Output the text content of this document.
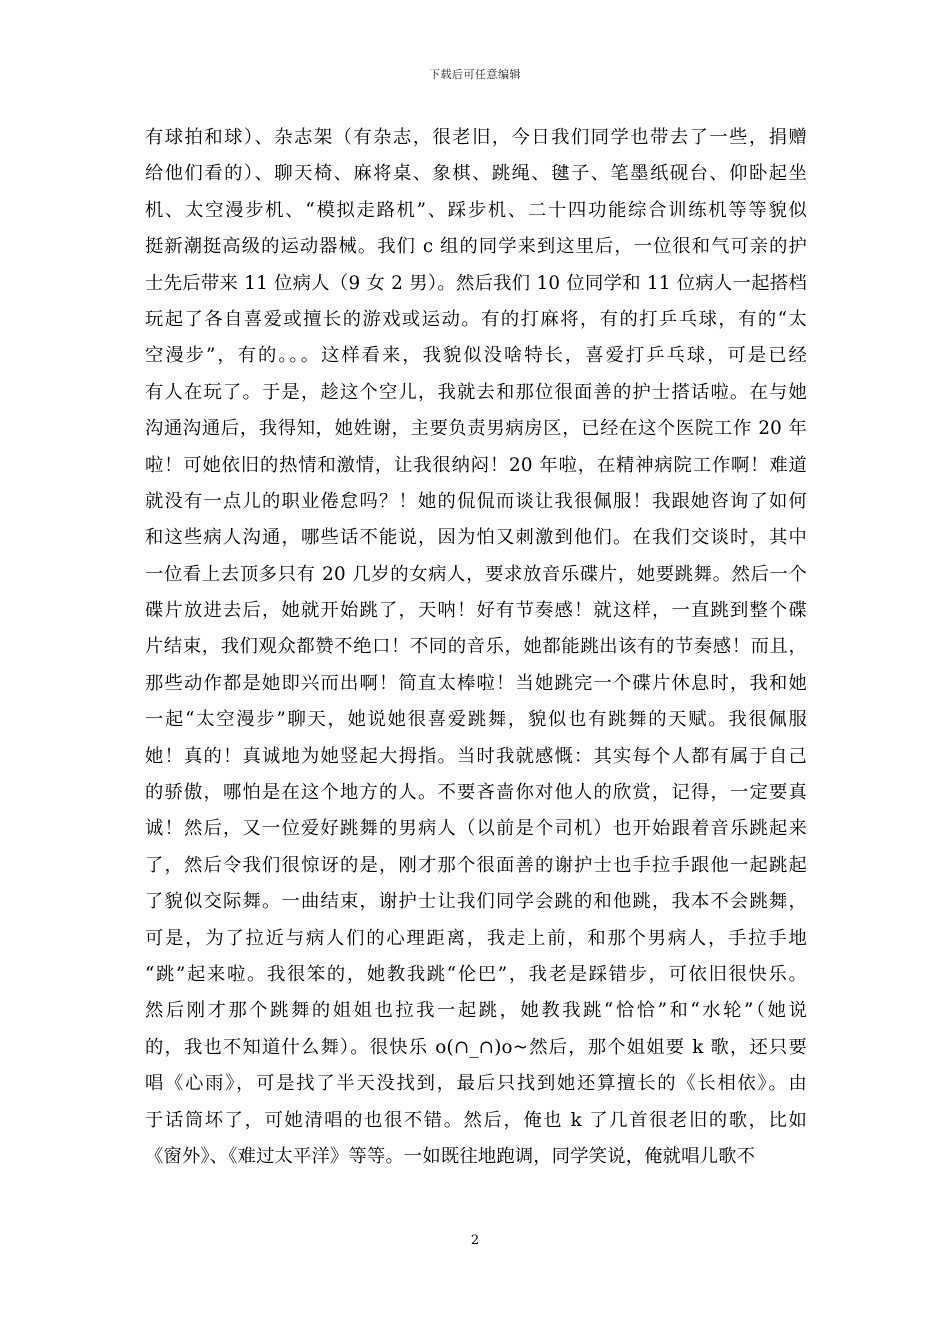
下载后可任意编辑
有球拍和球）、杂志架（有杂志，很老旧，今日我们同学也带去了一些，捐赠
给他们看的）、聊天椅、麻将桌、象棋、跳绳、毽子、笔墨纸砚台、仰卧起坐
机、太空漫步机、“模拟走路机”、踩步机、二十四功能综合训练机等等貌似
挺新潮挺高级的运动器械。我们 c 组的同学来到这里后，一位很和气可亲的护
士先后带来 11 位病人（9 女 2 男）。然后我们 10 位同学和 11 位病人一起搭档
玩起了各自喜爱或擅长的游戏或运动。有的打麻将，有的打乒乓球，有的“太
空漫步”，有的。。。这样看来，我貌似没啥特长，喜爱打乒乓球，可是已经
有人在玩了。于是，趁这个空儿，我就去和那位很面善的护士搭话啦。在与她
沟通沟通后，我得知，她姓谢，主要负责男病房区，已经在这个医院工作 20 年
啦！可她依旧的热情和激情，让我很纳闷！20 年啦，在精神病院工作啊！难道
就没有一点儿的职业倦怠吗？！她的侃侃而谈让我很佩服！我跟她咨询了如何
和这些病人沟通，哪些话不能说，因为怕又刺激到他们。在我们交谈时，其中
一位看上去顶多只有 20 几岁的女病人，要求放音乐碟片，她要跳舞。然后一个
碟片放进去后，她就开始跳了，天呐！好有节奏感！就这样，一直跳到整个碟
片结束，我们观众都赞不绝口！不同的音乐，她都能跳出该有的节奏感！而且，
那些动作都是她即兴而出啊！简直太棒啦！当她跳完一个碟片休息时，我和她
一起“太空漫步”聊天，她说她很喜爱跳舞，貌似也有跳舞的天赋。我很佩服
她！真的！真诚地为她竖起大拇指。当时我就感慨：其实每个人都有属于自己
的骄傲，哪怕是在这个地方的人。不要吝啬你对他人的欣赏，记得，一定要真
诚！然后，又一位爱好跳舞的男病人（以前是个司机）也开始跟着音乐跳起来
了，然后令我们很惊讶的是，刚才那个很面善的谢护士也手拉手跟他一起跳起
了貌似交际舞。一曲结束，谢护士让我们同学会跳的和他跳，我本不会跳舞，
可是，为了拉近与病人们的心理距离，我走上前，和那个男病人，手拉手地
“跳”起来啦。我很笨的，她教我跳“伦巴”，我老是踩错步，可依旧很快乐。
然后刚才那个跳舞的姐姐也拉我一起跳，她教我跳“恰恰”和“水轮”（她说
的，我也不知道什么舞）。很快乐 o(∩_∩)o~然后，那个姐姐要 k 歌，还只要
唱《心雨》，可是找了半天没找到，最后只找到她还算擅长的《长相依》。由
于话筒坏了，可她清唱的也很不错。然后，俺也 k 了几首很老旧的歌，比如
《窗外》、《难过太平洋》等等。一如既往地跑调，同学笑说，俺就唱儿歌不
2
